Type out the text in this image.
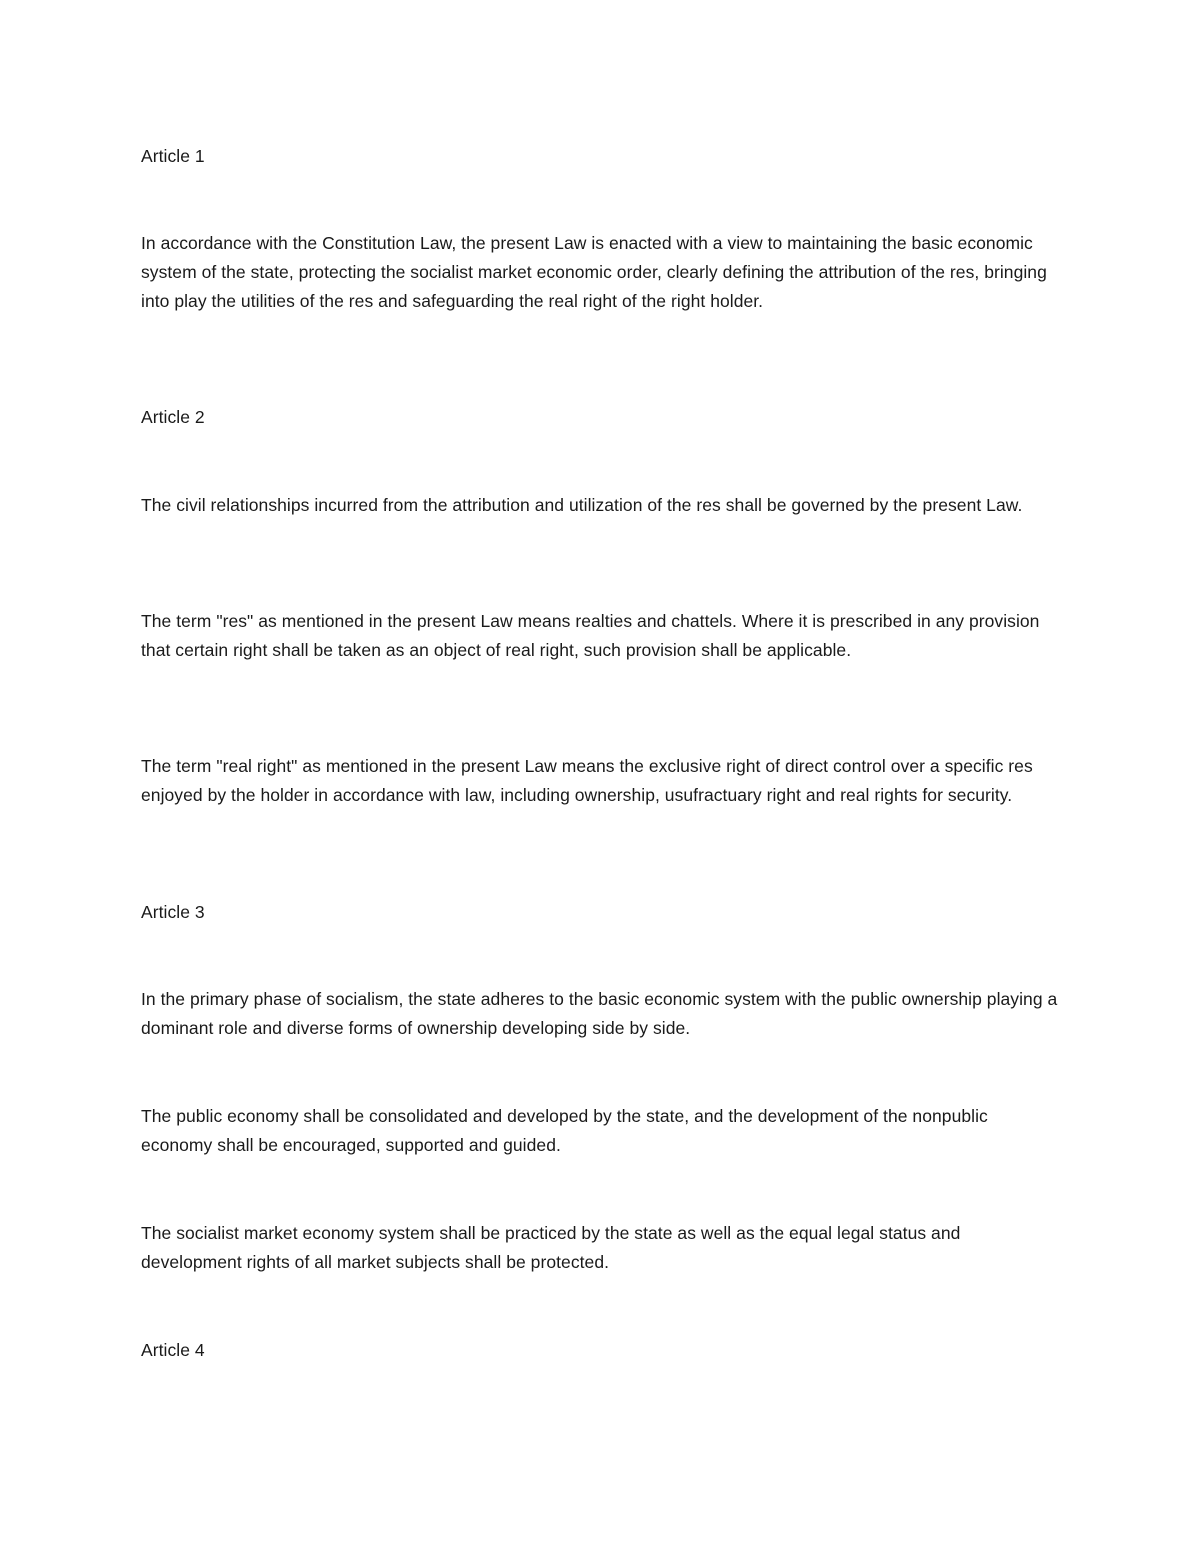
Article 1

In accordance with the Constitution Law, the present Law is enacted with a view to maintaining the basic economic system of the state, protecting the socialist market economic order, clearly defining the attribution of the res, bringing into play the utilities of the res and safeguarding the real right of the right holder.

Article 2

The civil relationships incurred from the attribution and utilization of the res shall be governed by the present Law.

The term "res" as mentioned in the present Law means realties and chattels. Where it is prescribed in any provision that certain right shall be taken as an object of real right, such provision shall be applicable.

The term "real right" as mentioned in the present Law means the exclusive right of direct control over a specific res enjoyed by the holder in accordance with law, including ownership, usufractuary right and real rights for security.

Article 3

In the primary phase of socialism, the state adheres to the basic economic system with the public ownership playing a dominant role and diverse forms of ownership developing side by side.

The public economy shall be consolidated and developed by the state, and the development of the nonpublic economy shall be encouraged, supported and guided.

The socialist market economy system shall be practiced by the state as well as the equal legal status and development rights of all market subjects shall be protected.

Article 4
